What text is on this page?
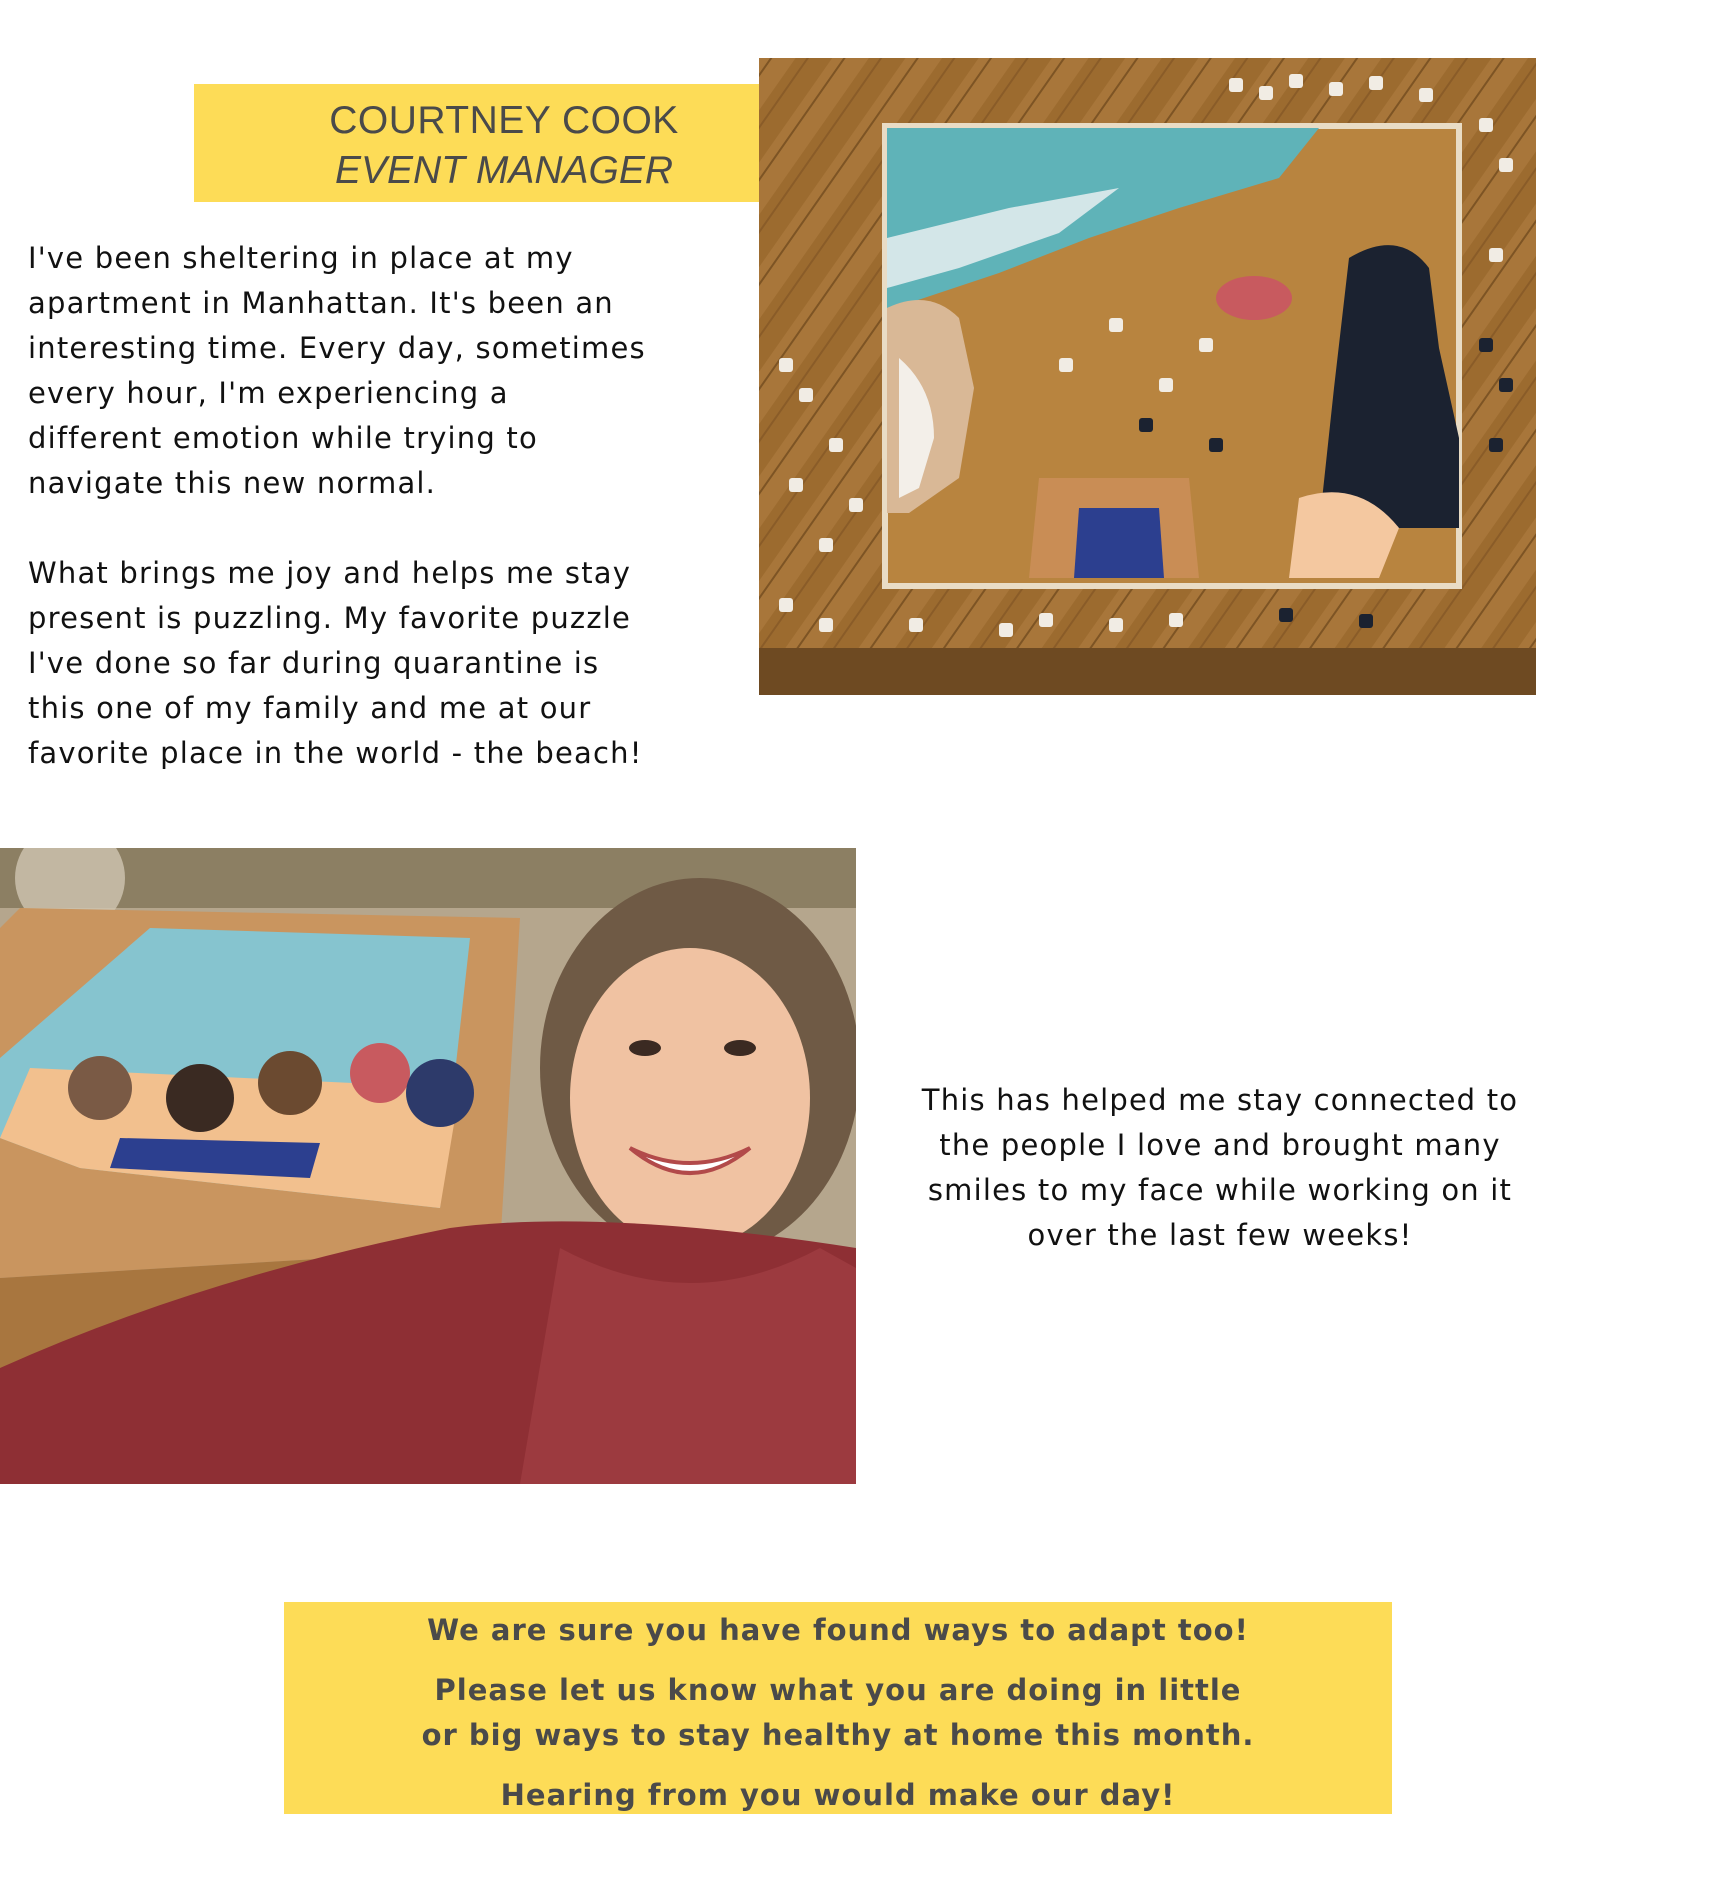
COURTNEY COOK
EVENT MANAGER

I've been sheltering in place at my
apartment in Manhattan. It's been an
interesting time. Every day, sometimes
every hour, I'm experiencing a
different emotion while trying to
navigate this new normal.

What brings me joy and helps me stay
present is puzzling. My favorite puzzle
I've done so far during quarantine is
this one of my family and me at our
favorite place in the world - the beach!

This has helped me stay connected to
the people I love and brought many
smiles to my face while working on it
over the last few weeks!
We are sure you have found ways to adapt too!
Please let us know what you are doing in little
or big ways to stay healthy at home this month.
Hearing from you would make our day!
